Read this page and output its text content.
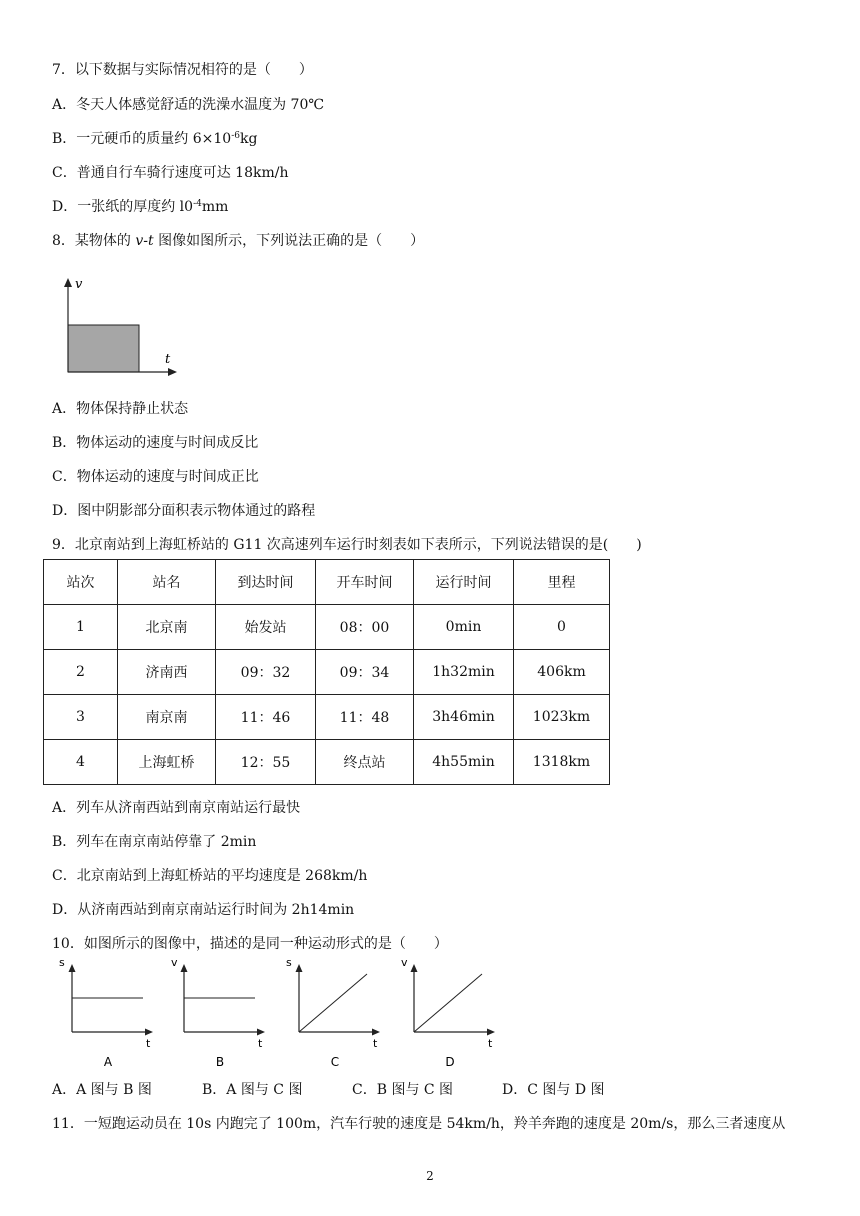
7．以下数据与实际情况相符的是（　　）
A．冬天人体感觉舒适的洗澡水温度为 70℃
B．一元硬币的质量约 $6\times 10^{-6}kg$
C．普通自行车骑行速度可达 18km/h
D．一张纸的厚度约 $l0^{-4}mm$
8．某物体的 v-t 图像如图所示，下列说法正确的是（　　）
v
t
A．物体保持静止状态
B．物体运动的速度与时间成反比
C．物体运动的速度与时间成正比
D．图中阴影部分面积表示物体通过的路程
9．北京南站到上海虹桥站的 G11 次高速列车运行时刻表如下表所示，下列说法错误的是(　　)
站次	站名	到达时间	开车时间	运行时间	里程
1	北京南	始发站	08：00	0min	0
2	济南西	09：32	09：34	1h32min	406km
3	南京南	11：46	11：48	3h46min	1023km
4	上海虹桥	12：55	终点站	4h55min	1318km
A．列车从济南西站到南京南站运行最快
B．列车在南京南站停靠了 2min
C．北京南站到上海虹桥站的平均速度是 268km/h
D．从济南西站到南京南站运行时间为 2h14min
10．如图所示的图像中，描述的是同一种运动形式的是（　　）
s
t
A
v
t
B
s
t
C
v
t
D
A．A 图与 B 图	B．A 图与 C 图	C．B 图与 C 图	D．C 图与 D 图
11．一短跑运动员在 10s 内跑完了 100m，汽车行驶的速度是 54km/h，羚羊奔跑的速度是 20m/s，那么三者速度从
2
